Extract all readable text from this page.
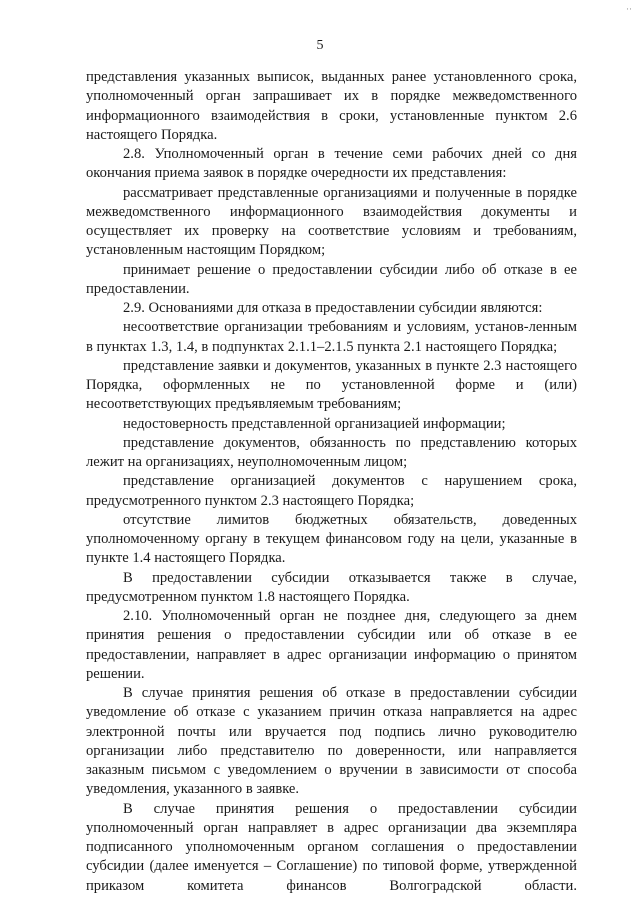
··
5

представления указанных выписок, выданных ранее установленного срока, уполномоченный орган запрашивает их в порядке межведомственного информационного взаимодействия в сроки, установленные пунктом 2.6 настоящего Порядка.

2.8. Уполномоченный орган в течение семи рабочих дней со дня окончания приема заявок в порядке очередности их представления:

рассматривает представленные организациями и полученные в порядке межведомственного информационного взаимодействия документы и осуществляет их проверку на соответствие условиям и требованиям, установленным настоящим Порядком;

принимает решение о предоставлении субсидии либо об отказе в ее предоставлении.

2.9. Основаниями для отказа в предоставлении субсидии являются:

несоответствие организации требованиям и условиям, установ-ленным в пунктах 1.3, 1.4, в подпунктах 2.1.1–2.1.5 пункта 2.1 настоящего Порядка;

представление заявки и документов, указанных в пункте 2.3 настоящего Порядка, оформленных не по установленной форме и (или) несоответствующих предъявляемым требованиям;

недостоверность представленной организацией информации;

представление документов, обязанность по представлению которых лежит на организациях, неуполномоченным лицом;

представление организацией документов с нарушением срока, предусмотренного пунктом 2.3 настоящего Порядка;

отсутствие лимитов бюджетных обязательств, доведенных уполномоченному органу в текущем финансовом году на цели, указанные в пункте 1.4 настоящего Порядка.

В предоставлении субсидии отказывается также в случае, предусмотренном пунктом 1.8 настоящего Порядка.

2.10. Уполномоченный орган не позднее дня, следующего за днем принятия решения о предоставлении субсидии или об отказе в ее предоставлении, направляет в адрес организации информацию о принятом решении.

В случае принятия решения об отказе в предоставлении субсидии уведомление об отказе с указанием причин отказа направляется на адрес электронной почты или вручается под подпись лично руководителю организации либо представителю по доверенности, или направляется заказным письмом с уведомлением о вручении в зависимости от способа уведомления, указанного в заявке.

В случае принятия решения о предоставлении субсидии уполномоченный орган направляет в адрес организации два экземпляра подписанного уполномоченным органом соглашения о предоставлении субсидии (далее именуется – Соглашение) по типовой форме, утвержденной приказом комитета финансов Волгоградской области.
